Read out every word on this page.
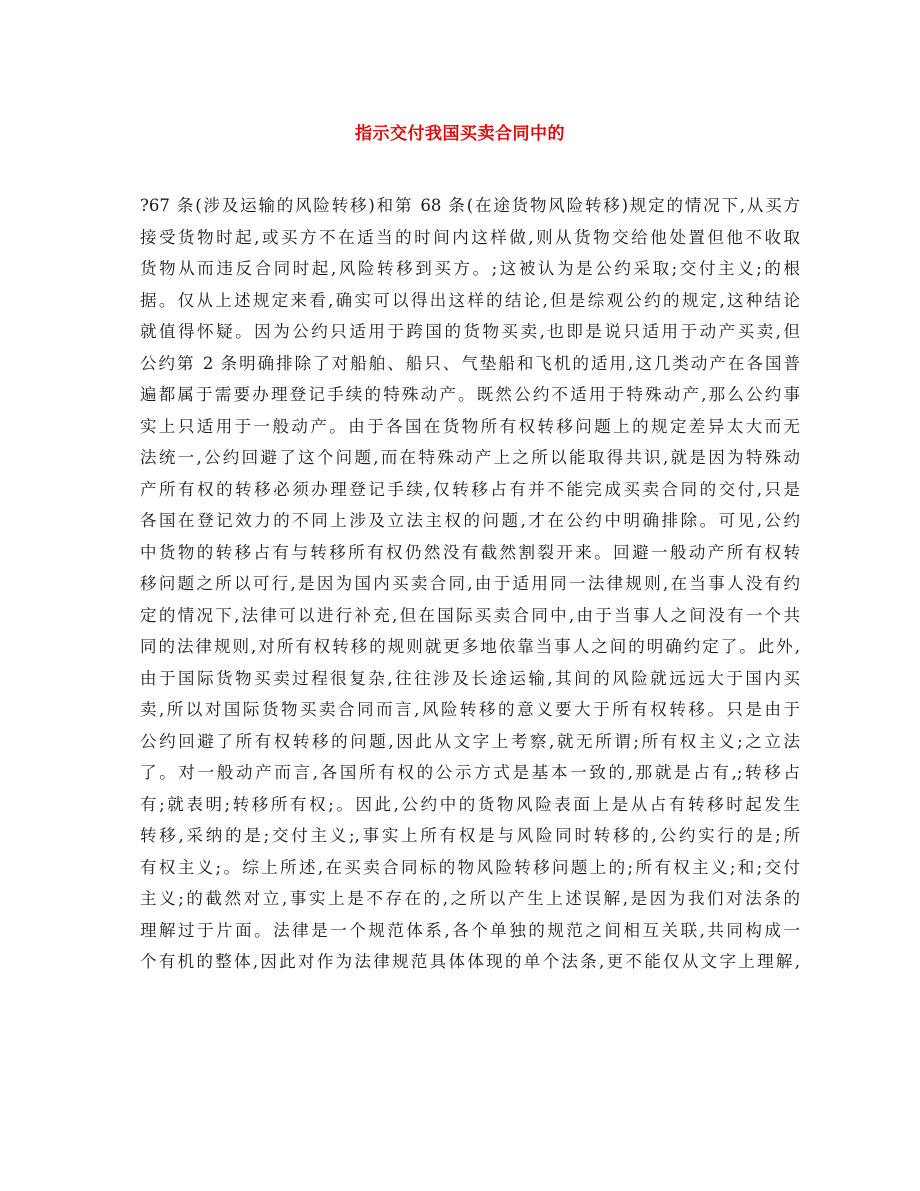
指示交付我国买卖合同中的
?67 条(涉及运输的风险转移)和第 68 条(在途货物风险转移)规定的情况下,从买方
接受货物时起,或买方不在适当的时间内这样做,则从货物交给他处置但他不收取
货物从而违反合同时起,风险转移到买方。;这被认为是公约采取;交付主义;的根
据。仅从上述规定来看,确实可以得出这样的结论,但是综观公约的规定,这种结论
就值得怀疑。因为公约只适用于跨国的货物买卖,也即是说只适用于动产买卖,但
公约第 2 条明确排除了对船舶、船只、气垫船和飞机的适用,这几类动产在各国普
遍都属于需要办理登记手续的特殊动产。既然公约不适用于特殊动产,那么公约事
实上只适用于一般动产。由于各国在货物所有权转移问题上的规定差异太大而无
法统一,公约回避了这个问题,而在特殊动产上之所以能取得共识,就是因为特殊动
产所有权的转移必须办理登记手续,仅转移占有并不能完成买卖合同的交付,只是
各国在登记效力的不同上涉及立法主权的问题,才在公约中明确排除。可见,公约
中货物的转移占有与转移所有权仍然没有截然割裂开来。回避一般动产所有权转
移问题之所以可行,是因为国内买卖合同,由于适用同一法律规则,在当事人没有约
定的情况下,法律可以进行补充,但在国际买卖合同中,由于当事人之间没有一个共
同的法律规则,对所有权转移的规则就更多地依靠当事人之间的明确约定了。此外,
由于国际货物买卖过程很复杂,往往涉及长途运输,其间的风险就远远大于国内买
卖,所以对国际货物买卖合同而言,风险转移的意义要大于所有权转移。只是由于
公约回避了所有权转移的问题,因此从文字上考察,就无所谓;所有权主义;之立法
了。对一般动产而言,各国所有权的公示方式是基本一致的,那就是占有,;转移占
有;就表明;转移所有权;。因此,公约中的货物风险表面上是从占有转移时起发生
转移,采纳的是;交付主义;,事实上所有权是与风险同时转移的,公约实行的是;所
有权主义;。综上所述,在买卖合同标的物风险转移问题上的;所有权主义;和;交付
主义;的截然对立,事实上是不存在的,之所以产生上述误解,是因为我们对法条的
理解过于片面。法律是一个规范体系,各个单独的规范之间相互关联,共同构成一
个有机的整体,因此对作为法律规范具体体现的单个法条,更不能仅从文字上理解,
